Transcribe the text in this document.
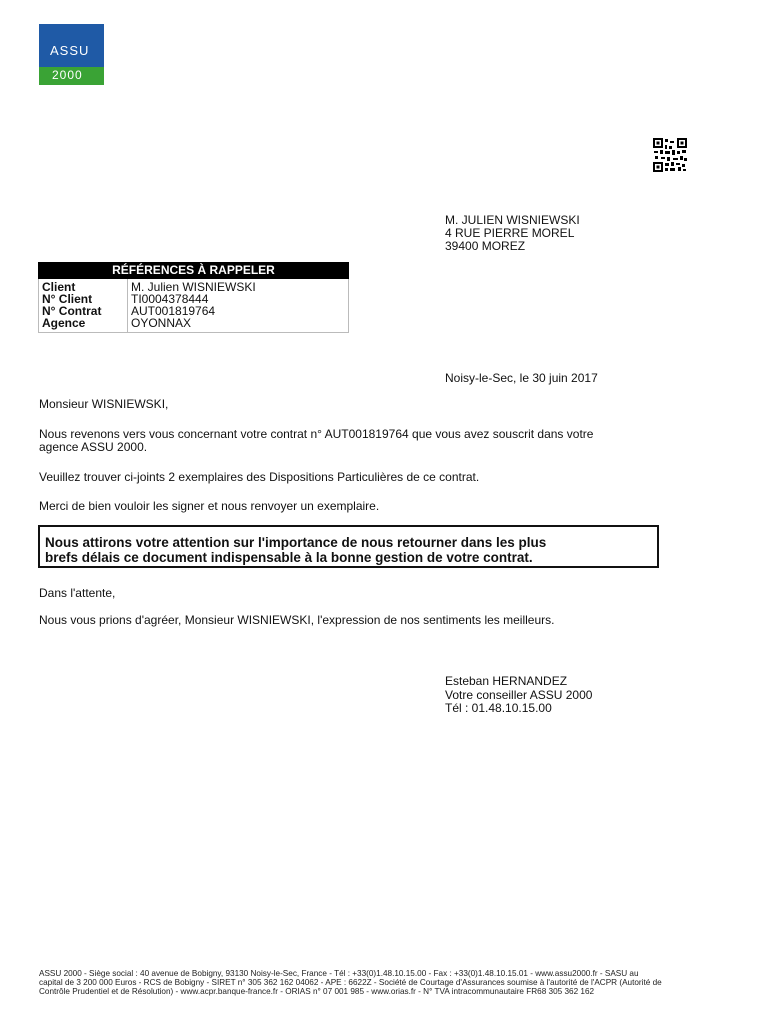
ASSU
2000
M. JULIEN WISNIEWSKI
4 RUE PIERRE MOREL
39400 MOREZ
RÉFÉRENCES À RAPPELER
Client	M. Julien WISNIEWSKI
N° Client	TI0004378444
N° Contrat	AUT001819764
Agence	OYONNAX
Noisy-le-Sec, le 30 juin 2017
Monsieur WISNIEWSKI,
Nous revenons vers vous concernant votre contrat n° AUT001819764 que vous avez souscrit dans votre
agence ASSU 2000.
Veuillez trouver ci-joints 2 exemplaires des Dispositions Particulières de ce contrat.
Merci de bien vouloir les signer et nous renvoyer un exemplaire.
Nous attirons votre attention sur l'importance de nous retourner dans les plus
brefs délais ce document indispensable à la bonne gestion de votre contrat.
Dans l'attente,
Nous vous prions d'agréer, Monsieur WISNIEWSKI, l'expression de nos sentiments les meilleurs.
Esteban HERNANDEZ
Votre conseiller ASSU 2000
Tél : 01.48.10.15.00
ASSU 2000 - Siège social : 40 avenue de Bobigny, 93130 Noisy-le-Sec, France - Tél : +33(0)1.48.10.15.00 - Fax : +33(0)1.48.10.15.01 - www.assu2000.fr - SASU au
capital de 3 200 000 Euros - RCS de Bobigny - SIRET n° 305 362 162 04062 - APE : 6622Z - Société de Courtage d'Assurances soumise à l'autorité de l'ACPR (Autorité de
Contrôle Prudentiel et de Résolution) - www.acpr.banque-france.fr - ORIAS n° 07 001 985 - www.orias.fr - N° TVA intracommunautaire FR68 305 362 162
